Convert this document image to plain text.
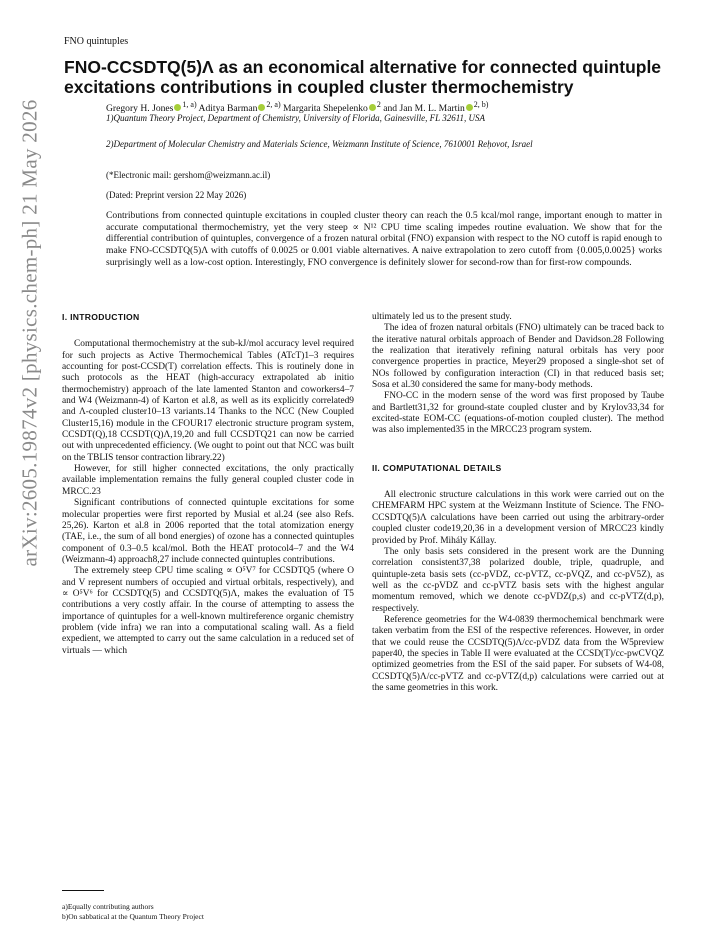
FNO quintuples
FNO-CCSDTQ(5)Λ as an economical alternative for connected quintuple excitations contributions in coupled cluster thermochemistry
Gregory H. Jones $^{1, a)}$ Aditya Barman $^{2, a)}$ Margarita Shepelenko $^2$ and Jan M. L. Martin $^{2, b)}$
1)Quantum Theory Project, Department of Chemistry, University of Florida, Gainesville, FL 32611, USA
2)Department of Molecular Chemistry and Materials Science, Weizmann Institute of Science, 7610001 Reḥovot, Israel
(*Electronic mail: gershom@weizmann.ac.il)
(Dated: Preprint version 22 May 2026)

Contributions from connected quintuple excitations in coupled cluster theory can reach the 0.5 kcal/mol range, important enough to matter in accurate computational thermochemistry, yet the very steep ∝ N¹² CPU time scaling impedes routine evaluation. We show that for the differential contribution of quintuples, convergence of a frozen natural orbital (FNO) expansion with respect to the NO cutoff is rapid enough to make FNO-CCSDTQ(5)Λ with cutoffs of 0.0025 or 0.001 viable alternatives. A naive extrapolation to zero cutoff from {0.005,0.0025} works surprisingly well as a low-cost option. Interestingly, FNO convergence is definitely slower for second-row than for first-row compounds.

arXiv:2605.19874v2 [physics.chem-ph] 21 May 2026 I. INTRODUCTION

Computational thermochemistry at the sub-kJ/mol accuracy level required for such projects as Active Thermochemical Tables (ATcT)1–3 requires accounting for post-CCSD(T) correlation effects. This is routinely done in such protocols as the HEAT (high-accuracy extrapolated ab initio thermochemistry) approach of the late lamented Stanton and coworkers4–7 and W4 (Weizmann-4) of Karton et al.8, as well as its explicitly correlated9 and Λ-coupled cluster10–13 variants.14 Thanks to the NCC (New Coupled Cluster15,16) module in the CFOUR17 electronic structure program system, CCSDT(Q),18 CCSDT(Q)Λ,19,20 and full CCSDTQ21 can now be carried out with unprecedented efficiency. (We ought to point out that NCC was built on the TBLIS tensor contraction library.22)

However, for still higher connected excitations, the only practically available implementation remains the fully general coupled cluster code in MRCC.23

Significant contributions of connected quintuple excitations for some molecular properties were first reported by Musial et al.24 (see also Refs. 25,26). Karton et al.8 in 2006 reported that the total atomization energy (TAE, i.e., the sum of all bond energies) of ozone has a connected quintuples component of 0.3–0.5 kcal/mol. Both the HEAT protocol4–7 and the W4 (Weizmann-4) approach8,27 include connected quintuples contributions.

The extremely steep CPU time scaling ∝ O⁵V⁷ for CCSDTQ5 (where O and V represent numbers of occupied and virtual orbitals, respectively), and ∝ O⁵V⁶ for CCSDTQ(5) and CCSDTQ(5)Λ, makes the evaluation of T5 contributions a very costly affair. In the course of attempting to assess the importance of quintuples for a well-known multireference organic chemistry problem (vide infra) we ran into a computational scaling wall. As a field expedient, we attempted to carry out the same calculation in a reduced set of virtuals — which

ultimately led us to the present study.

The idea of frozen natural orbitals (FNO) ultimately can be traced back to the iterative natural orbitals approach of Bender and Davidson.28 Following the realization that iteratively refining natural orbitals has very poor convergence properties in practice, Meyer29 proposed a single-shot set of NOs followed by configuration interaction (CI) in that reduced basis set; Sosa et al.30 considered the same for many-body methods.

FNO-CC in the modern sense of the word was first proposed by Taube and Bartlett31,32 for ground-state coupled cluster and by Krylov33,34 for excited-state EOM-CC (equations-of-motion coupled cluster). The method was also implemented35 in the MRCC23 program system.

II. COMPUTATIONAL DETAILS

All electronic structure calculations in this work were carried out on the CHEMFARM HPC system at the Weizmann Institute of Science. The FNO-CCSDTQ(5)Λ calculations have been carried out using the arbitrary-order coupled cluster code19,20,36 in a development version of MRCC23 kindly provided by Prof. Mihály Kállay.

The only basis sets considered in the present work are the Dunning correlation consistent37,38 polarized double, triple, quadruple, and quintuple-zeta basis sets (cc-pVDZ, cc-pVTZ, cc-pVQZ, and cc-pV5Z), as well as the cc-pVDZ and cc-pVTZ basis sets with the highest angular momentum removed, which we denote cc-pVDZ(p,s) and cc-pVTZ(d,p), respectively.

Reference geometries for the W4-0839 thermochemical benchmark were taken verbatim from the ESI of the respective references. However, in order that we could reuse the CCSDTQ(5)Λ/cc-pVDZ data from the W5preview paper40, the species in Table II were evaluated at the CCSD(T)/cc-pwCVQZ optimized geometries from the ESI of the said paper. For subsets of W4-08, CCSDTQ(5)Λ/cc-pVTZ and cc-pVTZ(d,p) calculations were carried out at the same geometries in this work.

a)Equally contributing authors
b)On sabbatical at the Quantum Theory Project
